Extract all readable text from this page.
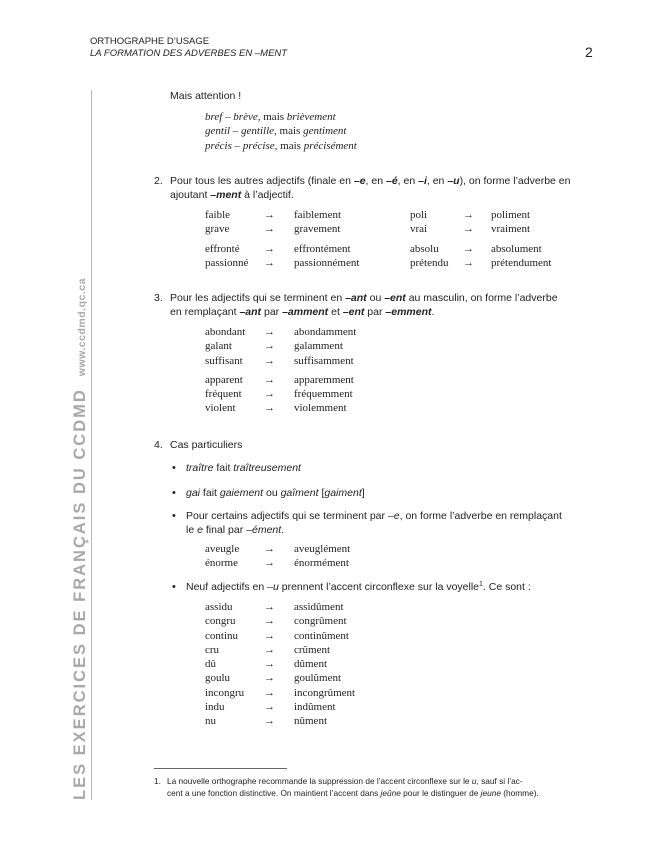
ORTHOGRAPHE D’USAGE
LA FORMATION DES ADVERBES EN –MENT	2
LES EXERCICES DE FRANÇAIS DU CCDMDwww.ccdmd.qc.ca
Mais attention !
bref – brève, mais brièvement
gentil – gentille, mais gentiment
précis – précise, mais précisément
2. Pour tous les autres adjectifs (finale en –e, en –é, en –i, en –u), on forme l’adverbe en
ajoutant –ment à l’adjectif.
faible	→ faiblement	poli	→ poliment
grave	→ gravement	vrai	→ vraiment
effronté → effrontément	absolu → absolument
passionné → passionnément	prétendu → prétendument
3. Pour les adjectifs qui se terminent en –ant ou –ent au masculin, on forme l’adverbe
en remplaçant –ant par –amment et –ent par –emment.
abondant → abondamment
galant	→ galamment
suffisant → suffisamment
apparent → apparemment
fréquent → fréquemment
violent	→ violemment
4. Cas particuliers
• traître fait traîtreusement
• gai fait gaiement ou gaîment [gaiment]
• Pour certains adjectifs qui se terminent par –e, on forme l’adverbe en remplaçant
le e final par –ément.
aveugle → aveuglément
énorme → énormément
• Neuf adjectifs en –u prennent l’accent circonflexe sur la voyelle$^1$. Ce sont :
assidu	→ assidûment
congru	→ congrûment
continu → continûment
cru	→ crûment
dû	→ dûment
goulu	→ goulûment
incongru → incongrûment
indu	→ indûment
nu	→ nûment
1. La nouvelle orthographe recommande la suppression de l’accent circonflexe sur le u, sauf si l’ac-
cent a une fonction distinctive. On maintient l’accent dans jeûne pour le distinguer de jeune (homme).
